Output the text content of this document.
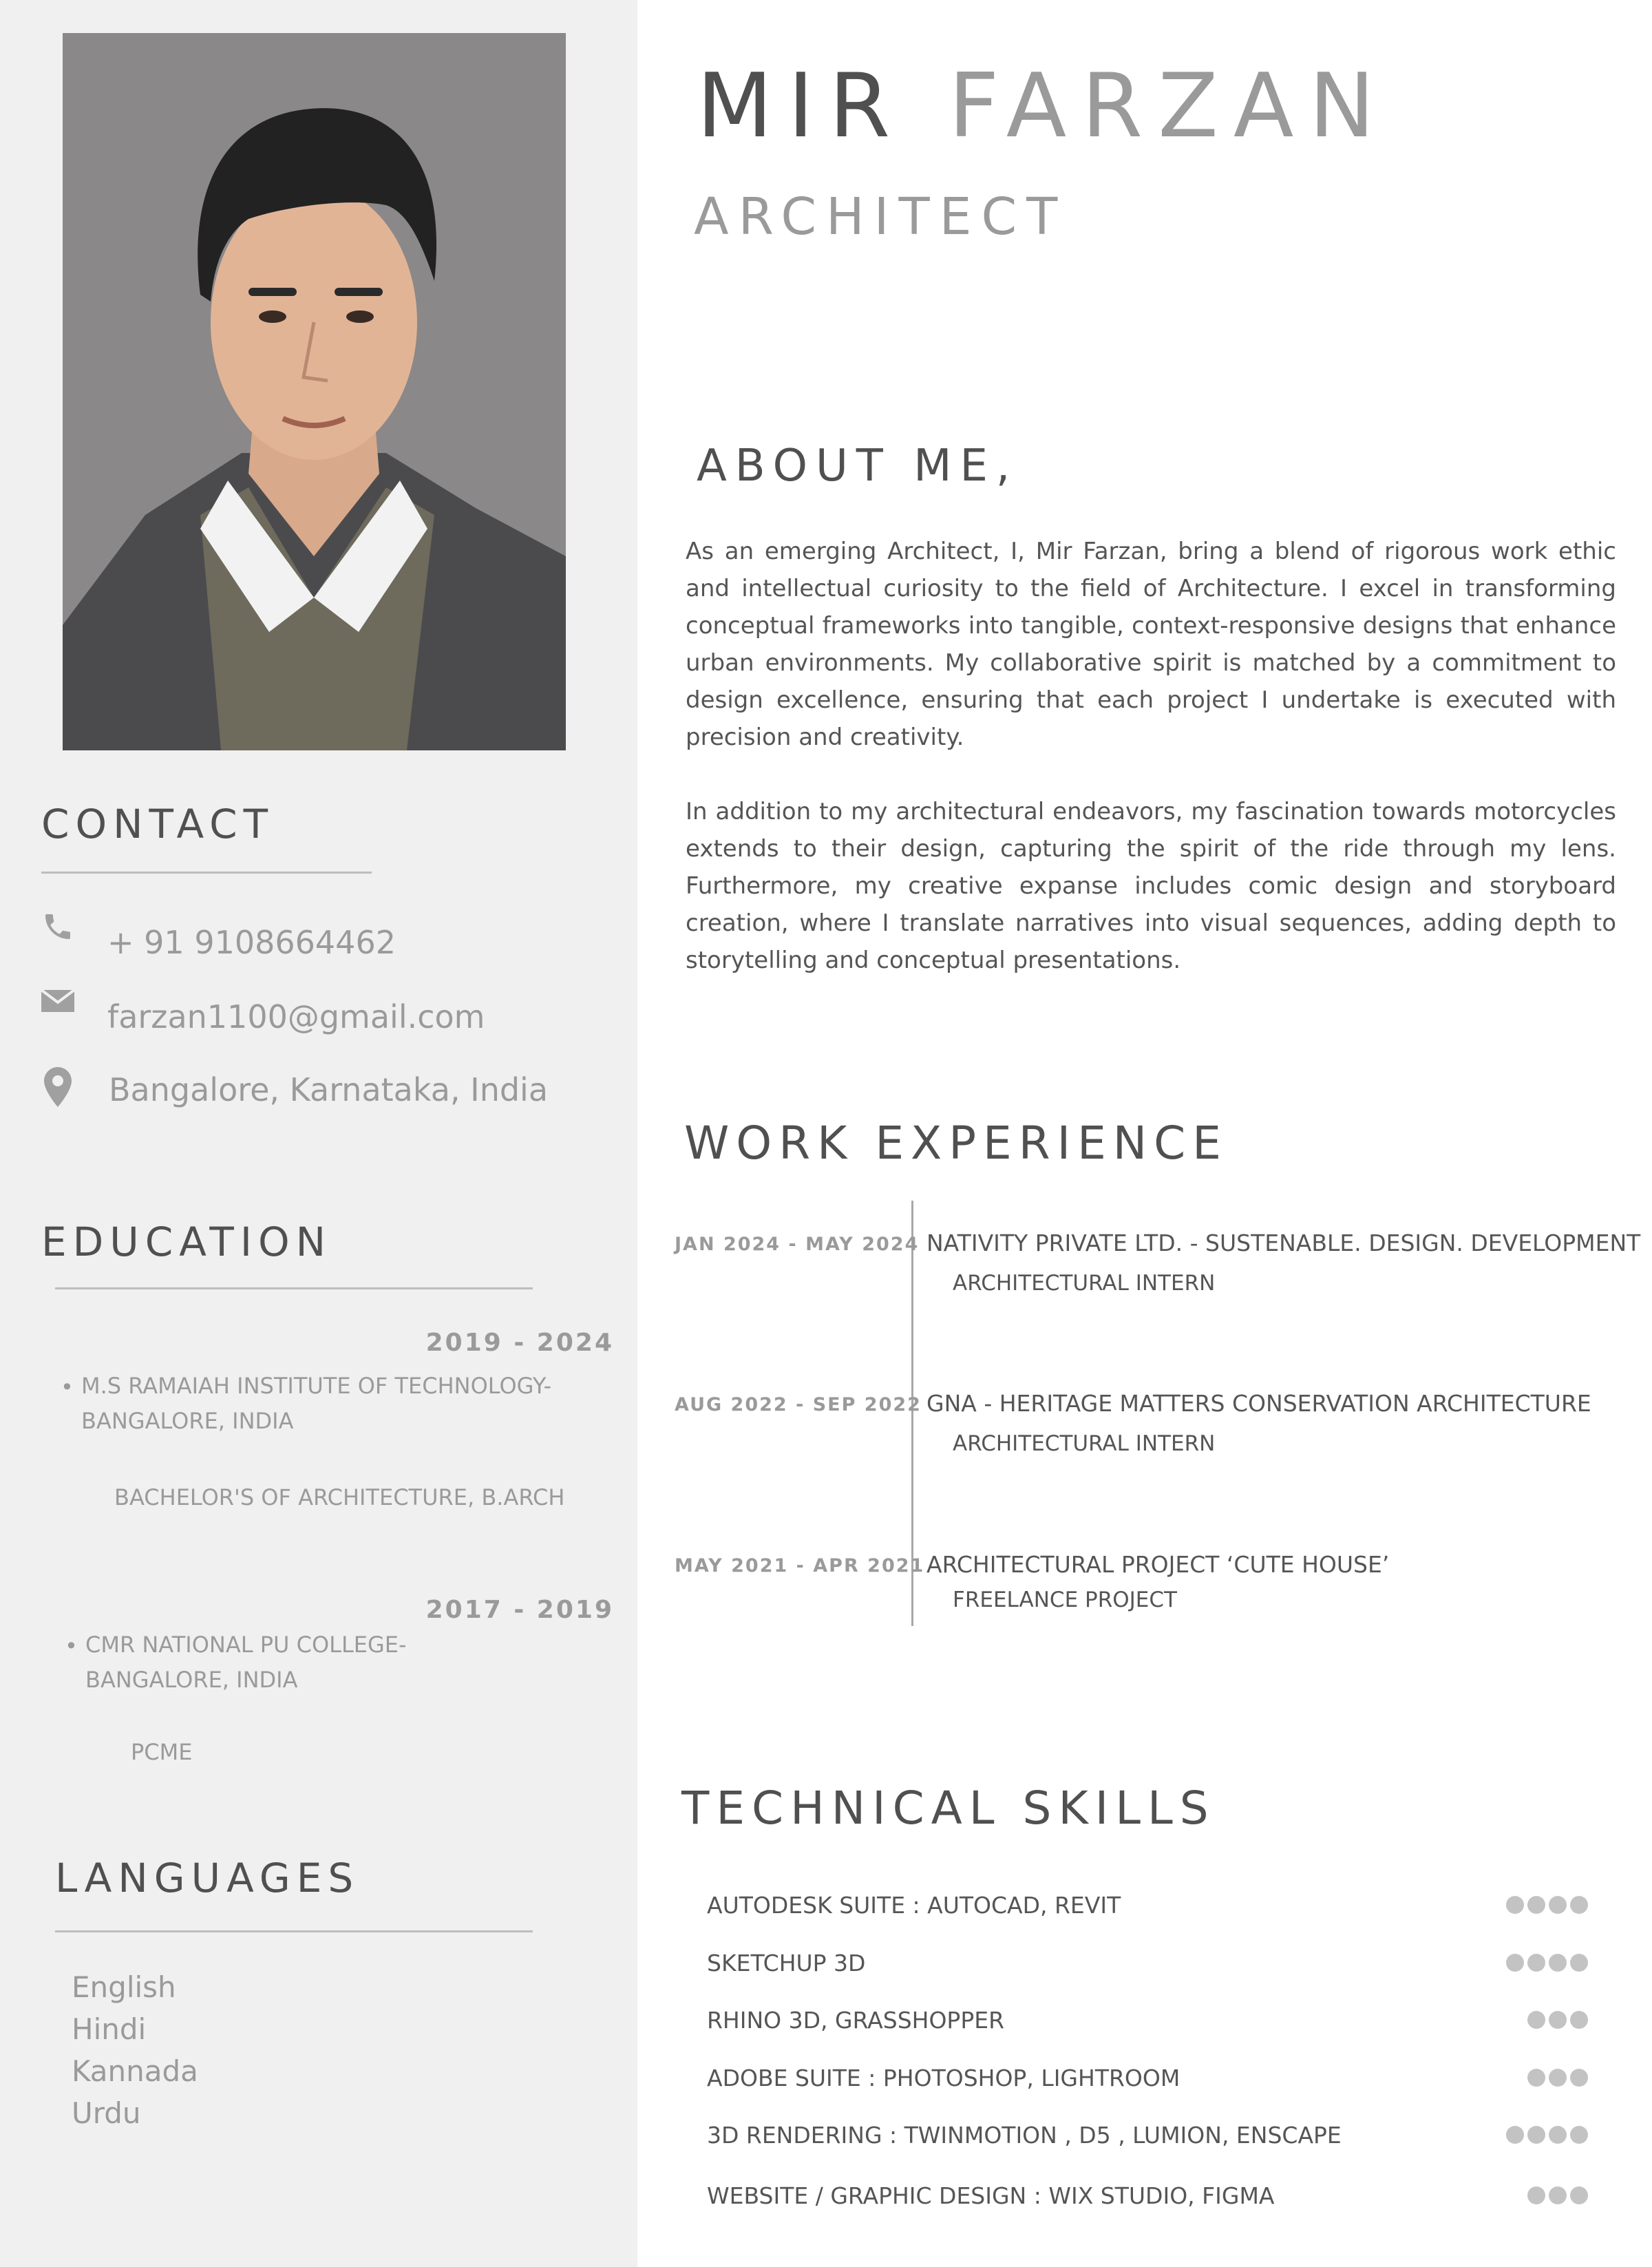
CONTACT
+ 91 9108664462
farzan1100@gmail.com
Bangalore, Karnataka, India
EDUCATION
2019 - 2024
• M.S RAMAIAH INSTITUTE OF TECHNOLOGY-
BANGALORE, INDIA
BACHELOR'S OF ARCHITECTURE, B.ARCH
2017 - 2019
• CMR NATIONAL PU COLLEGE-
BANGALORE, INDIA
PCME
LANGUAGES
English
Hindi
Kannada
Urdu
MIR FARZAN
ARCHITECT
ABOUT ME,

As an emerging Architect, I, Mir Farzan, bring a blend of rigorous work ethic and intellectual curiosity to the field of Architecture. I excel in transforming conceptual frameworks into tangible, context-responsive designs that enhance urban environments. My collaborative spirit is matched by a commitment to design excellence, ensuring that each project I undertake is executed with precision and creativity.

In addition to my architectural endeavors, my fascination towards motorcycles extends to their design, capturing the spirit of the ride through my lens. Furthermore, my creative expanse includes comic design and storyboard creation, where I translate narratives into visual sequences, adding depth to storytelling and conceptual presentations.

WORK EXPERIENCE
JAN 2024 - MAY 2024 NATIVITY PRIVATE LTD. - SUSTENABLE. DESIGN. DEVELOPMENT
ARCHITECTURAL INTERN
AUG 2022 - SEP 2022 GNA - HERITAGE MATTERS CONSERVATION ARCHITECTURE
ARCHITECTURAL INTERN
MAY 2021 - APR 2021 ARCHITECTURAL PROJECT ‘CUTE HOUSE’
FREELANCE PROJECT
TECHNICAL SKILLS
AUTODESK SUITE : AUTOCAD, REVIT
SKETCHUP 3D
RHINO 3D, GRASSHOPPER
ADOBE SUITE : PHOTOSHOP, LIGHTROOM
3D RENDERING : TWINMOTION , D5 , LUMION, ENSCAPE
WEBSITE / GRAPHIC DESIGN : WIX STUDIO, FIGMA
